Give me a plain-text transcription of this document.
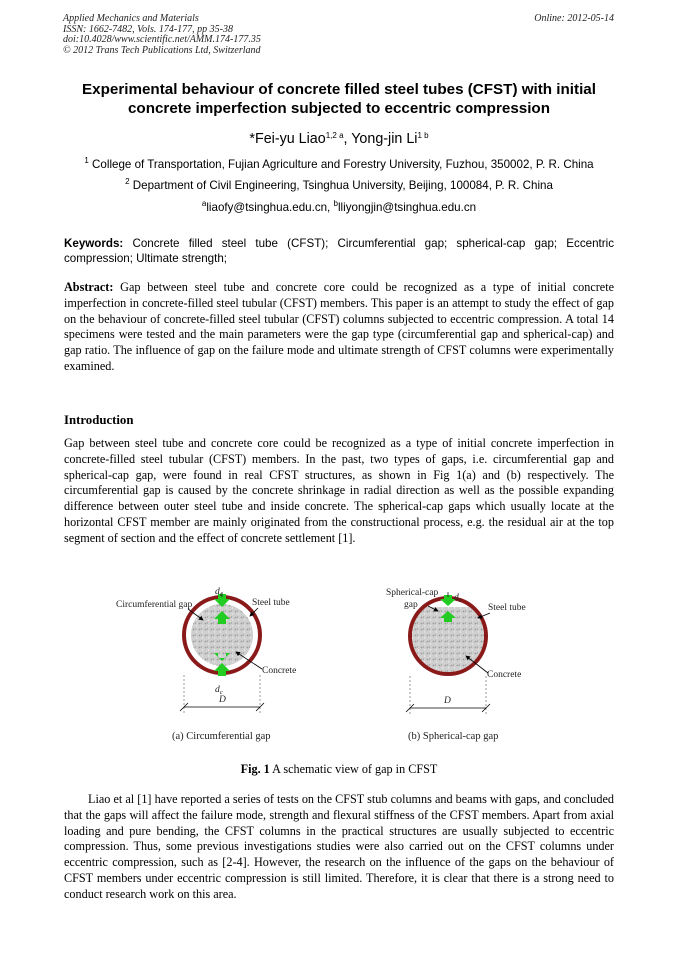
Applied Mechanics and Materials
ISSN: 1662-7482, Vols. 174-177, pp 35-38
doi:10.4028/www.scientific.net/AMM.174-177.35
© 2012 Trans Tech Publications Ltd, Switzerland
Online: 2012-05-14
Experimental behaviour of concrete filled steel tubes (CFST) with initial
concrete imperfection subjected to eccentric compression
*Fei-yu Liao$^{1,2 a}$, Yong-jin $Li^{1 b}$
$^1$ College of Transportation, Fujian Agriculture and Forestry University, Fuzhou, 350002, P. R. China
$^2$ Department of Civil Engineering, Tsinghua University, Beijing, 100084, P. R. China
$^a$liaofy@tsinghua.edu.cn, $^b$lliyongjin@tsinghua.edu.cn
Keywords: Concrete filled steel tube (CFST); Circumferential gap; spherical-cap gap; Eccentric compression; Ultimate strength;
Abstract: Gap between steel tube and concrete core could be recognized as a type of initial concrete imperfection in concrete-filled steel tubular (CFST) members. This paper is an attempt to study the effect of gap on the behaviour of concrete-filled steel tubular (CFST) columns subjected to eccentric compression. A total 14 specimens were tested and the main parameters were the gap type (circumferential gap and spherical-cap) and gap ratio. The influence of gap on the failure mode and ultimate strength of CFST columns were experimentally examined.
Introduction
Gap between steel tube and concrete core could be recognized as a type of initial concrete imperfection in concrete-filled steel tubular (CFST) members. In the past, two types of gaps, i.e. circumferential gap and spherical-cap gap, were found in real CFST structures, as shown in Fig 1(a) and (b) respectively. The circumferential gap is caused by the concrete shrinkage in radial direction as well as the possible expanding difference between outer steel tube and inside concrete. The spherical-cap gaps which usually locate at the horizontal CFST member are mainly originated from the constructional process, e.g. the residual air at the top segment of section and the effect of concrete settlement [1].
$d_c$
$d_c$
Circumferential gap	Steel tube
Concrete
D
(a) Circumferential gap
$d_c$
Spherical-cap
gap	Steel tube
Concrete
D
(b) Spherical-cap gap
Fig. 1 A schematic view of gap in CFST
Liao et al [1] have reported a series of tests on the CFST stub columns and beams with gaps, and concluded that the gaps will affect the failure mode, strength and flexural stiffness of the CFST members. Apart from axial loading and pure bending, the CFST columns in the practical structures are usually subjected to eccentric compression. Thus, some previous investigations studies were also carried out on the CFST columns under eccentric compression, such as [2-4]. However, the research on the influence of the gaps on the behaviour of CFST members under eccentric compression is still limited. Therefore, it is clear that there is a strong need to conduct research work on this area.
